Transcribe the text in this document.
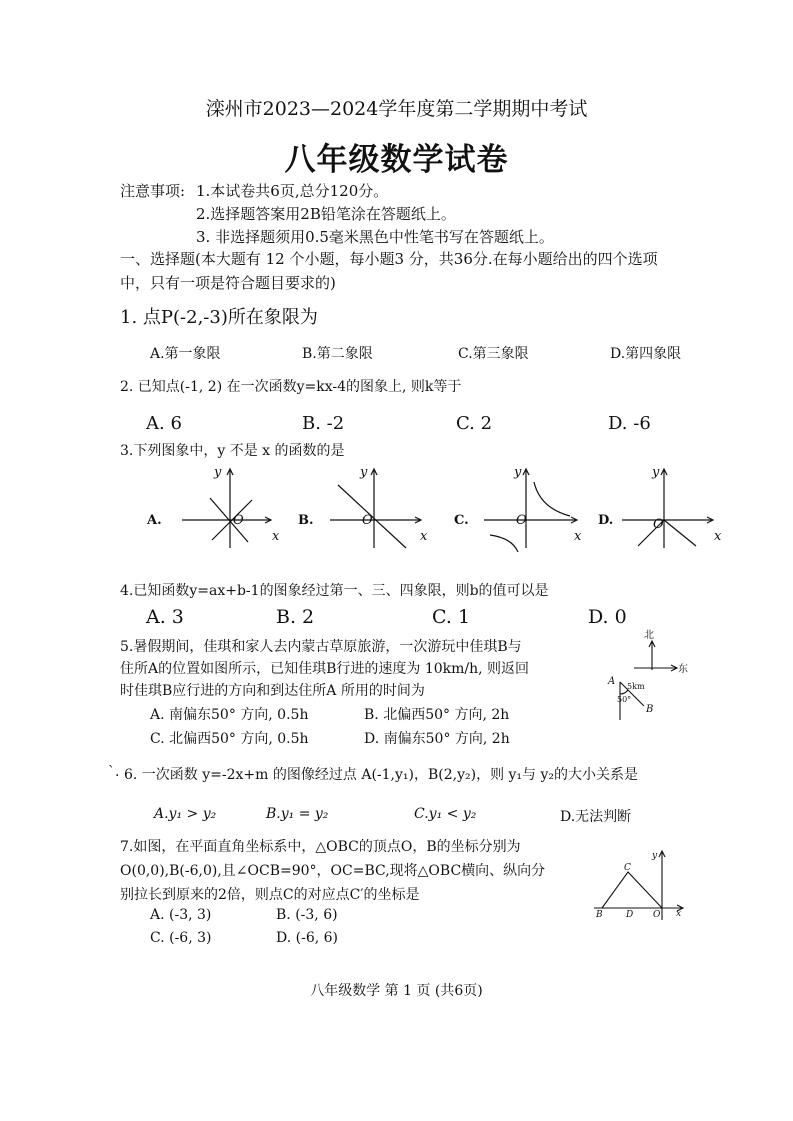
滦州市2023—2024学年度第二学期期中考试
八年级数学试卷
注意事项: 1.本试卷共6页,总分120分。
2.选择题答案用2B铅笔涂在答题纸上。
3. 非选择题须用0.5毫米黑色中性笔书写在答题纸上。
一、选择题(本大题有 12 个小题，每小题3 分，共36分.在每小题给出的四个选项
中，只有一项是符合题目要求的)
1. 点P(-2,-3)所在象限为
A.第一象限	B.第二象限	C.第三象限	D.第四象限
2. 已知点(-1, 2) 在一次函数y=kx-4的图象上, 则k等于
A. 6	B. -2	C. 2	D. -6
3.下列图象中，y 不是 x 的函数的是
A.	B.	C.	D.
O	O	O	O
x	x	x	x
y	y	y	y
4.已知函数y=ax+b-1的图象经过第一、三、四象限，则b的值可以是
A. 3	B. 2	C. 1	D. 0
5.暑假期间，佳琪和家人去内蒙古草原旅游，一次游玩中佳琪B与
住所A的位置如图所示，已知佳琪B行进的速度为 10km/h, 则返回
时佳琪B应行进的方向和到达住所A 所用的时间为
A. 南偏东50° 方向, 0.5h	B. 北偏西50° 方向, 2h
C. 北偏西50° 方向, 0.5h	D. 南偏东50° 方向, 2h
北
东
A
B
5km
50°
`. 6. 一次函数 y=-2x+m 的图像经过点 A(-1,y₁)，B(2,y₂)，则 y₁与 y₂的大小关系是
A.y₁ > y₂	B.y₁ = y₂	C.y₁ < y₂	D.无法判断
7.如图，在平面直角坐标系中，△OBC的顶点O，B的坐标分别为
O(0,0),B(-6,0),且∠OCB=90°，OC=BC,现将△OBC横向、纵向分
别拉长到原来的2倍，则点C的对应点C′的坐标是
A. (-3, 3)	B. (-3, 6)
C. (-6, 3)	D. (-6, 6)
C
B	D O x
y
八年级数学 第 1 页 (共6页)
